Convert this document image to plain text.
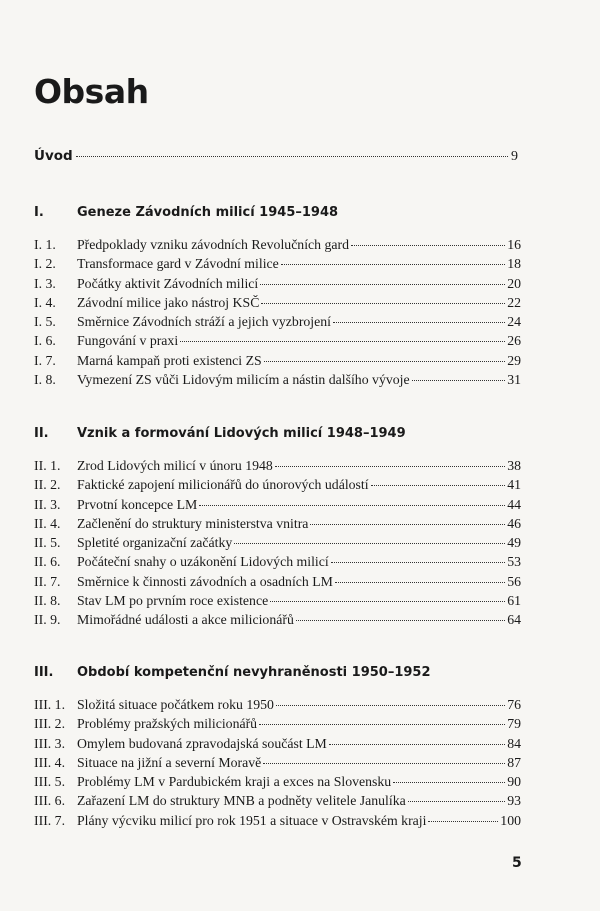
Obsah
Úvod	9
I.	Geneze Závodních milicí 1945–1948
I. 1.	Předpoklady vzniku závodních Revolučních gard	16
I. 2.	Transformace gard v Závodní milice	18
I. 3.	Počátky aktivit Závodních milicí	20
I. 4.	Závodní milice jako nástroj KSČ	22
I. 5.	Směrnice Závodních stráží a jejich vyzbrojení	24
I. 6.	Fungování v praxi	26
I. 7.	Marná kampaň proti existenci ZS	29
I. 8.	Vymezení ZS vůči Lidovým milicím a nástin dalšího vývoje	31
II. Vznik a formování Lidových milicí 1948–1949
II. 1.	Zrod Lidových milicí v únoru 1948	38
II. 2.	Faktické zapojení milicionářů do únorových událostí	41
II. 3.	Prvotní koncepce LM	44
II. 4.	Začlenění do struktury ministerstva vnitra	46
II. 5.	Spletité organizační začátky	49
II. 6.	Počáteční snahy o uzákonění Lidových milicí	53
II. 7.	Směrnice k činnosti závodních a osadních LM	56
II. 8.	Stav LM po prvním roce existence	61
II. 9.	Mimořádné události a akce milicionářů	64
III. Období kompetenční nevyhraněnosti 1950–1952
III. 1. Složitá situace počátkem roku 1950	76
III. 2. Problémy pražských milicionářů	79
III. 3. Omylem budovaná zpravodajská součást LM	84
III. 4. Situace na jižní a severní Moravě	87
III. 5. Problémy LM v Pardubickém kraji a exces na Slovensku	90
III. 6. Zařazení LM do struktury MNB a podněty velitele Janulíka	93
III. 7. Plány výcviku milicí pro rok 1951 a situace v Ostravském kraji	100
5
